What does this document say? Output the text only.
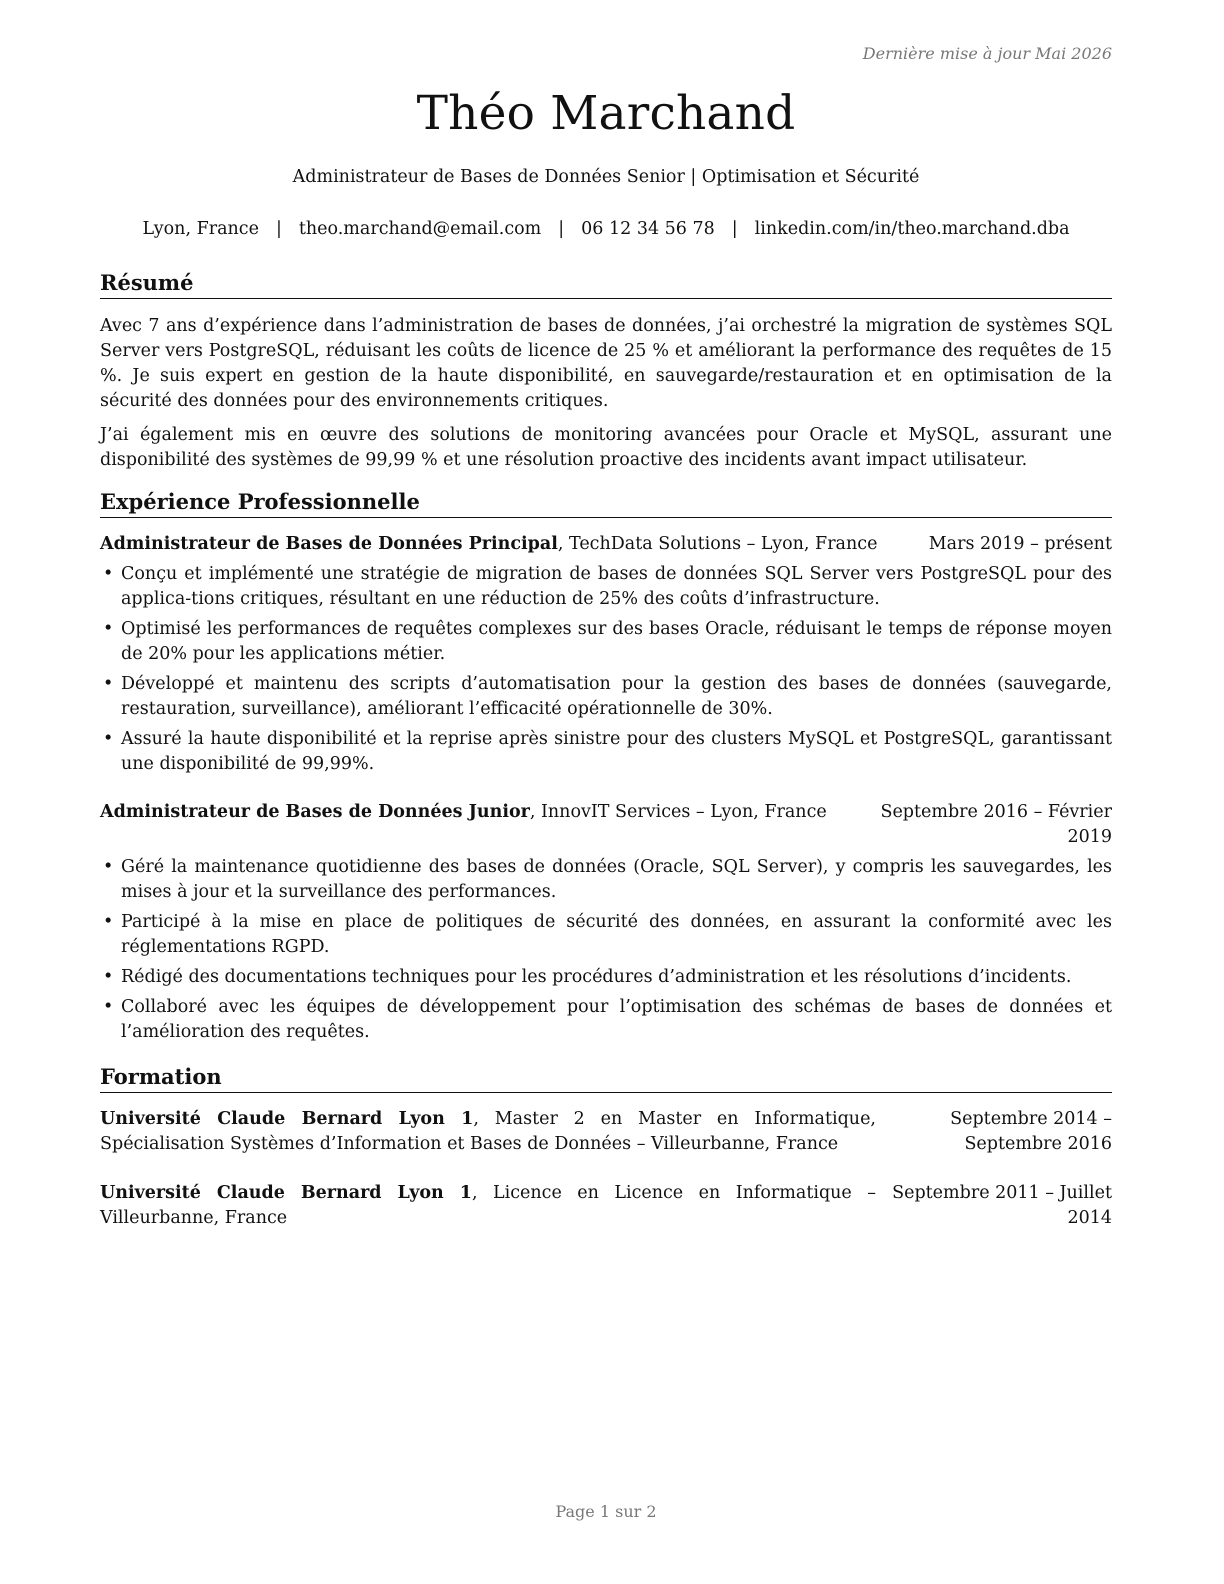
Dernière mise à jour Mai 2026
Théo Marchand
Administrateur de Bases de Données Senior | Optimisation et Sécurité
Lyon, France | theo.marchand@email.com | 06 12 34 56 78 | linkedin.com/in/theo.marchand.dba
Résumé

Avec 7 ans d’expérience dans l’administration de bases de données, j’ai orchestré la migration de systèmes SQL Server vers PostgreSQL, réduisant les coûts de licence de 25 % et améliorant la performance des requêtes de 15 %. Je suis expert en gestion de la haute disponibilité, en sauvegarde/restauration et en optimisation de la sécurité des données pour des environnements critiques.

J’ai également mis en œuvre des solutions de monitoring avancées pour Oracle et MySQL, assurant une disponibilité des systèmes de 99,99 % et une résolution proactive des incidents avant impact utilisateur.

Expérience Professionnelle
Administrateur de Bases de Données Principal, TechData Solutions – Lyon, France	Mars 2019 – présent
• Conçu et implémenté une stratégie de migration de bases de données SQL Server vers PostgreSQL pour des applica-tions critiques, résultant en une réduction de 25% des coûts d’infrastructure.
• Optimisé les performances de requêtes complexes sur des bases Oracle, réduisant le temps de réponse moyen de 20% pour les applications métier.
• Développé et maintenu des scripts d’automatisation pour la gestion des bases de données (sauvegarde, restauration, surveillance), améliorant l’efficacité opérationnelle de 30%.
• Assuré la haute disponibilité et la reprise après sinistre pour des clusters MySQL et PostgreSQL, garantissant une disponibilité de 99,99%.
Administrateur de Bases de Données Junior, InnovIT Services – Lyon, France	Septembre 2016 – Février 2019
• Géré la maintenance quotidienne des bases de données (Oracle, SQL Server), y compris les sauvegardes, les mises à jour et la surveillance des performances.
• Participé à la mise en place de politiques de sécurité des données, en assurant la conformité avec les réglementations RGPD.
• Rédigé des documentations techniques pour les procédures d’administration et les résolutions d’incidents.
• Collaboré avec les équipes de développement pour l’optimisation des schémas de bases de données et l’amélioration des requêtes.
Formation
Université Claude Bernard Lyon 1, Master 2 en Master en Informatique, Spécialisation Systèmes d’Information et Bases de Données – Villeurbanne, France
Septembre 2014 – Septembre 2016
Université Claude Bernard Lyon 1, Licence en Licence en Informatique – Villeurbanne, France
Septembre 2011 – Juillet 2014
Page 1 sur 2
